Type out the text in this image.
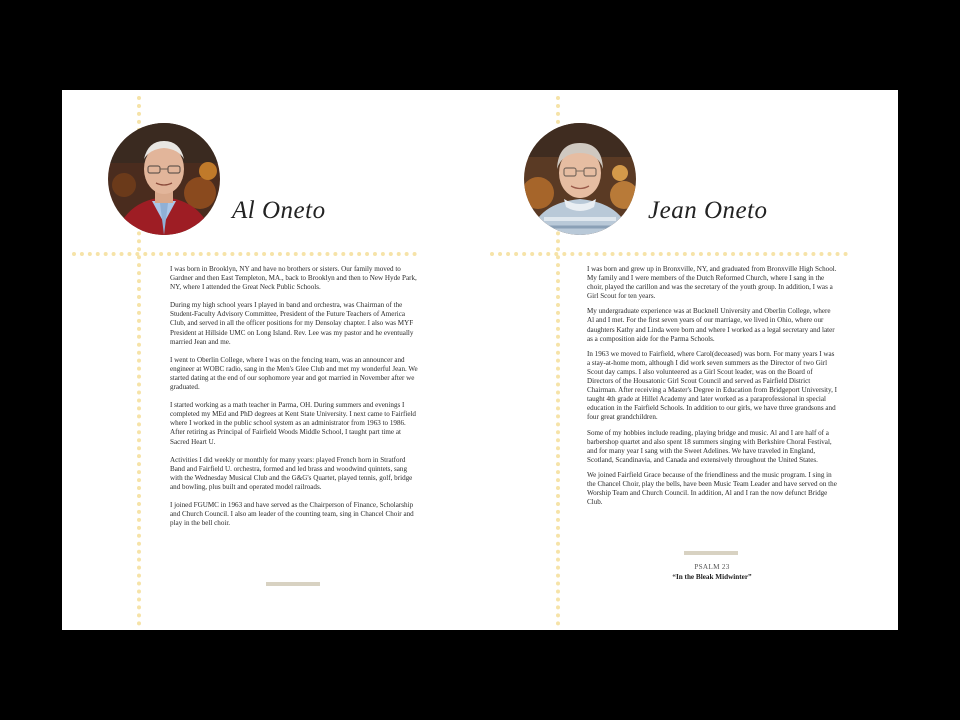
Al Oneto

I was born in Brooklyn, NY and have no brothers or sisters. Our family moved to Gardner and then East Templeton, MA., back to Brooklyn and then to New Hyde Park, NY, where I attended the Great Neck Public Schools.

During my high school years I played in band and orchestra, was Chairman of the Student-Faculty Advisory Committee, President of the Future Teachers of America Club, and served in all the officer positions for my Densolay chapter. I also was MYF President at Hillside UMC on Long Island. Rev. Lee was my pastor and he eventually married Jean and me.

I went to Oberlin College, where I was on the fencing team, was an announcer and engineer at WOBC radio, sang in the Men's Glee Club and met my wonderful Jean. We started dating at the end of our sophomore year and got married in November after we graduated.

I started working as a math teacher in Parma, OH. During summers and evenings I completed my MEd and PhD degrees at Kent State University. I next came to Fairfield where I worked in the public school system as an administrator from 1963 to 1986. After retiring as Principal of Fairfield Woods Middle School, I taught part time at Sacred Heart U.

Activities I did weekly or monthly for many years: played French horn in Stratford Band and Fairfield U. orchestra, formed and led brass and woodwind quintets, sang with the Wednesday Musical Club and the G&G's Quartet, played tennis, golf, bridge and bowling, plus built and operated model railroads.

I joined FGUMC in 1963 and have served as the Chairperson of Finance, Scholarship and Church Council. I also am leader of the counting team, sing in Chancel Choir and play in the bell choir.

Jean Oneto

I was born and grew up in Bronxville, NY, and graduated from Bronxville High School. My family and I were members of the Dutch Reformed Church, where I sang in the choir, played the carillon and was the secretary of the youth group. In addition, I was a Girl Scout for ten years.

My undergraduate experience was at Bucknell University and Oberlin College, where Al and I met. For the first seven years of our marriage, we lived in Ohio, where our daughters Kathy and Linda were born and where I worked as a legal secretary and later as a composition aide for the Parma Schools.

In 1963 we moved to Fairfield, where Carol(deceased) was born. For many years I was a stay-at-home mom, although I did work seven summers as the Director of two Girl Scout day camps. I also volunteered as a Girl Scout leader, was on the Board of Directors of the Housatonic Girl Scout Council and served as Fairfield District Chairman. After receiving a Master's Degree in Education from Bridgeport University, I taught 4th grade at Hillel Academy and later worked as a paraprofessional in special education in the Fairfield Schools. In addition to our girls, we have three grandsons and four great grandchildren.

Some of my hobbies include reading, playing bridge and music. Al and I are half of a barbershop quartet and also spent 18 summers singing with Berkshire Choral Festival, and for many year I sang with the Sweet Adelines. We have traveled in England, Scotland, Scandinavia, and Canada and extensively throughout the United States.

We joined Fairfield Grace because of the friendliness and the music program. I sing in the Chancel Choir, play the bells, have been Music Team Leader and have served on the Worship Team and Church Council. In addition, Al and I ran the now defunct Bridge Club.

PSALM 23
“In the Bleak Midwinter”
